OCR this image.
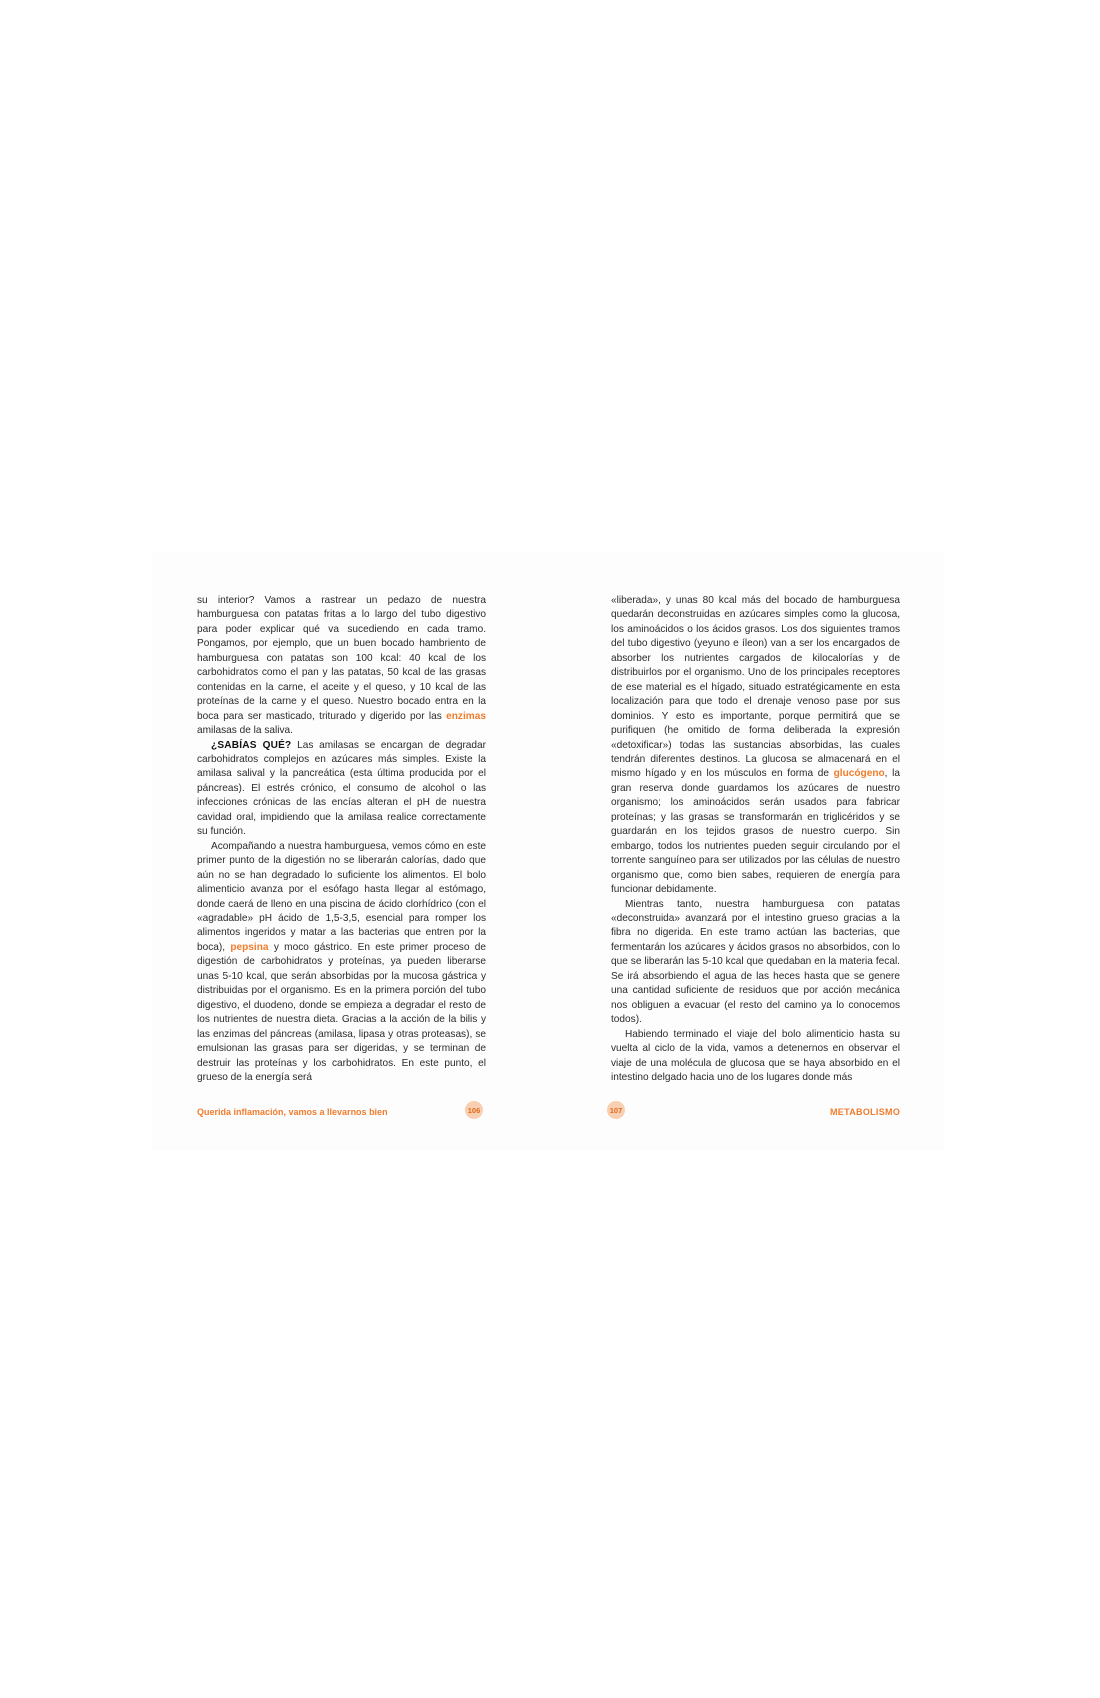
su interior? Vamos a rastrear un pedazo de nuestra hamburguesa con patatas fritas a lo largo del tubo digestivo para poder explicar qué va sucediendo en cada tramo. Pongamos, por ejemplo, que un buen bocado hambriento de hamburguesa con patatas son 100 kcal: 40 kcal de los carbohidratos como el pan y las patatas, 50 kcal de las grasas contenidas en la carne, el aceite y el queso, y 10 kcal de las proteínas de la carne y el queso. Nuestro bocado entra en la boca para ser masticado, triturado y digerido por las enzimas amilasas de la saliva.

¿SABÍAS QUÉ? Las amilasas se encargan de degradar carbohidratos complejos en azúcares más simples. Existe la amilasa salival y la pancreática (esta última producida por el páncreas). El estrés crónico, el consumo de alcohol o las infecciones crónicas de las encías alteran el pH de nuestra cavidad oral, impidiendo que la amilasa realice correctamente su función.

Acompañando a nuestra hamburguesa, vemos cómo en este primer punto de la digestión no se liberarán calorías, dado que aún no se han degradado lo suficiente los alimentos. El bolo alimenticio avanza por el esófago hasta llegar al estómago, donde caerá de lleno en una piscina de ácido clorhídrico (con el «agradable» pH ácido de 1,5-3,5, esencial para romper los alimentos ingeridos y matar a las bacterias que entren por la boca), pepsina y moco gástrico. En este primer proceso de digestión de carbohidratos y proteínas, ya pueden liberarse unas 5-10 kcal, que serán absorbidas por la mucosa gástrica y distribuidas por el organismo. Es en la primera porción del tubo digestivo, el duodeno, donde se empieza a degradar el resto de los nutrientes de nuestra dieta. Gracias a la acción de la bilis y las enzimas del páncreas (amilasa, lipasa y otras proteasas), se emulsionan las grasas para ser digeridas, y se terminan de destruir las proteínas y los carbohidratos. En este punto, el grueso de la energía será

«liberada», y unas 80 kcal más del bocado de hamburguesa quedarán deconstruidas en azúcares simples como la glucosa, los aminoácidos o los ácidos grasos. Los dos siguientes tramos del tubo digestivo (yeyuno e íleon) van a ser los encargados de absorber los nutrientes cargados de kilocalorías y de distribuirlos por el organismo. Uno de los principales receptores de ese material es el hígado, situado estratégicamente en esta localización para que todo el drenaje venoso pase por sus dominios. Y esto es importante, porque permitirá que se purifiquen (he omitido de forma deliberada la expresión «detoxificar») todas las sustancias absorbidas, las cuales tendrán diferentes destinos. La glucosa se almacenará en el mismo hígado y en los músculos en forma de glucógeno, la gran reserva donde guardamos los azúcares de nuestro organismo; los aminoácidos serán usados para fabricar proteínas; y las grasas se transformarán en triglicéridos y se guardarán en los tejidos grasos de nuestro cuerpo. Sin embargo, todos los nutrientes pueden seguir circulando por el torrente sanguíneo para ser utilizados por las células de nuestro organismo que, como bien sabes, requieren de energía para funcionar debidamente.

Mientras tanto, nuestra hamburguesa con patatas «deconstruida» avanzará por el intestino grueso gracias a la fibra no digerida. En este tramo actúan las bacterias, que fermentarán los azúcares y ácidos grasos no absorbidos, con lo que se liberarán las 5-10 kcal que quedaban en la materia fecal. Se irá absorbiendo el agua de las heces hasta que se genere una cantidad suficiente de residuos que por acción mecánica nos obliguen a evacuar (el resto del camino ya lo conocemos todos).

Habiendo terminado el viaje del bolo alimenticio hasta su vuelta al ciclo de la vida, vamos a detenernos en observar el viaje de una molécula de glucosa que se haya absorbido en el intestino delgado hacia uno de los lugares donde más

Querida inflamación, vamos a llevarnos bien	106	107	METABOLISMO
